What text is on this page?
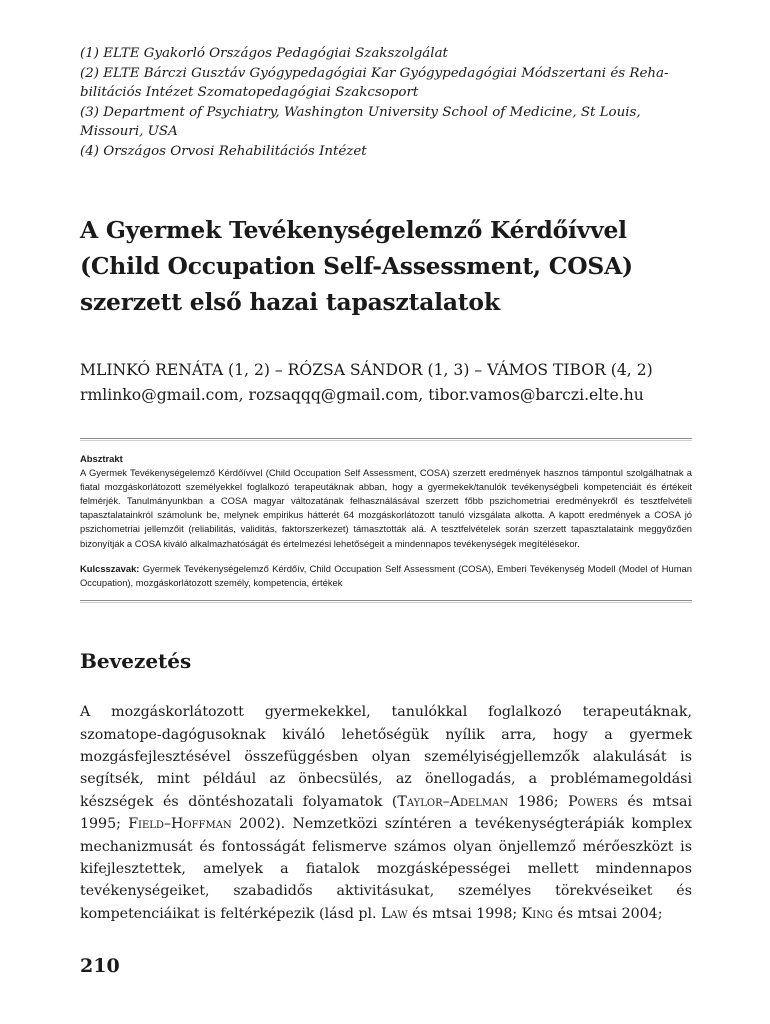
(1) ELTE Gyakorló Országos Pedagógiai Szakszolgálat

(2) ELTE Bárczi Gusztáv Gyógypedagógiai Kar Gyógypedagógiai Módszertani és Reha-bilitációs Intézet Szomatopedagógiai Szakcsoport

(3) Department of Psychiatry, Washington University School of Medicine, St Louis, Missouri, USA

(4) Országos Orvosi Rehabilitációs Intézet

A Gyermek Tevékenységelemző Kérdőívvel (Child Occupation Self-Assessment, COSA) szerzett első hazai tapasztalatok
MLINKÓ RENÁTA (1, 2) – RÓZSA SÁNDOR (1, 3) – VÁMOS TIBOR (4, 2)
rmlinko@gmail.com, rozsaqqq@gmail.com, tibor.vamos@barczi.elte.hu
Absztrakt

A Gyermek Tevékenységelemző Kérdőívvel (Child Occupation Self Assessment, COSA) szerzett eredmények hasznos támpontul szolgálhatnak a fiatal mozgáskorlátozott személyekkel foglalkozó terapeutáknak abban, hogy a gyermekek/tanulók tevékenységbeli kompetenciáit és értékeit felmérjék. Tanulmányunkban a COSA magyar változatának felhasználásával szerzett főbb pszichometriai eredményekről és tesztfelvételi tapasztalatainkról számolunk be, melynek empirikus hátterét 64 mozgáskorlátozott tanuló vizsgálata alkotta. A kapott eredmények a COSA jó pszichometriai jellemzőit (reliabilitás, validitás, faktorszerkezet) támasztották alá. A tesztfelvételek során szerzett tapasztalataink meggyőzően bizonyítják a COSA kiváló alkalmazhatóságát és értelmezési lehetőségeit a mindennapos tevékenységek megítélésekor.

Kulcsszavak: Gyermek Tevékenységelemző Kérdőív, Child Occupation Self Assessment (COSA), Emberi Tevékenység Modell (Model of Human Occupation), mozgáskorlátozott személy, kompetencia, értékek

Bevezetés

A mozgáskorlátozott gyermekekkel, tanulókkal foglalkozó terapeutáknak, szomatope-dagógusoknak kiváló lehetőségük nyílik arra, hogy a gyermek mozgásfejlesztésével összefüggésben olyan személyiségjellemzők alakulását is segítsék, mint például az önbecsülés, az önellogadás, a problémamegoldási készségek és döntéshozatali folyamatok (Taylor–Adelman 1986; Powers és mtsai 1995; Field–Hoffman 2002). Nemzetközi színtéren a tevékenységterápiák komplex mechanizmusát és fontosságát felismerve számos olyan önjellemző mérőeszközt is kifejlesztettek, amelyek a fiatalok mozgásképességei mellett mindennapos tevékenységeiket, szabadidős aktivitásukat, személyes törekvéseiket és kompetenciáikat is feltérképezik (lásd pl. Law és mtsai 1998; King és mtsai 2004;

210
